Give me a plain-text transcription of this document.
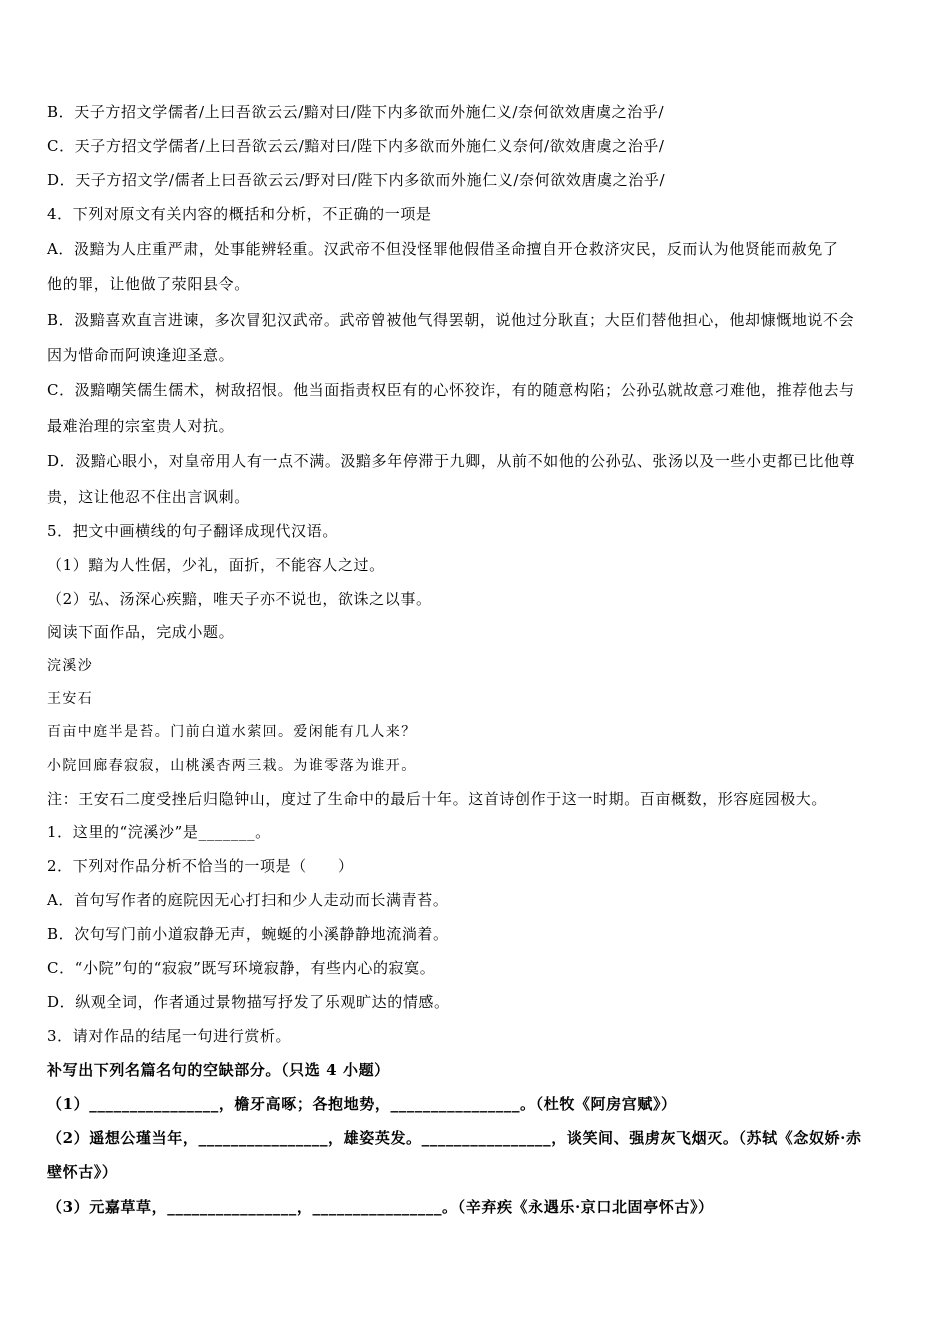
B．天子方招文学儒者/上曰吾欲云云/黯对曰/陛下内多欲而外施仁义/奈何欲效唐虞之治乎/
C．天子方招文学儒者/上曰吾欲云云/黯对曰/陛下内多欲而外施仁义奈何/欲效唐虞之治乎/
D．天子方招文学/儒者上曰吾欲云云/野对曰/陛下内多欲而外施仁义/奈何欲效唐虞之治乎/
4．下列对原文有关内容的概括和分析，不正确的一项是
A．汲黯为人庄重严肃，处事能辨轻重。汉武帝不但没怪罪他假借圣命擅自开仓救济灾民，反而认为他贤能而赦免了
他的罪，让他做了荥阳县令。
B．汲黯喜欢直言进谏，多次冒犯汉武帝。武帝曾被他气得罢朝，说他过分耿直；大臣们替他担心，他却慷慨地说不会
因为惜命而阿谀逢迎圣意。
C．汲黯嘲笑儒生儒术，树敌招恨。他当面指责权臣有的心怀狡诈，有的随意构陷；公孙弘就故意刁难他，推荐他去与
最难治理的宗室贵人对抗。
D．汲黯心眼小，对皇帝用人有一点不满。汲黯多年停滞于九卿，从前不如他的公孙弘、张汤以及一些小吏都已比他尊
贵，这让他忍不住出言讽刺。
5．把文中画横线的句子翻译成现代汉语。
（1）黯为人性倨，少礼，面折，不能容人之过。
（2）弘、汤深心疾黯，唯天子亦不说也，欲诛之以事。
阅读下面作品，完成小题。
浣溪沙
王安石
百亩中庭半是苔。门前白道水萦回。爱闲能有几人来？
小院回廊春寂寂，山桃溪杏两三栽。为谁零落为谁开。
注：王安石二度受挫后归隐钟山，度过了生命中的最后十年。这首诗创作于这一时期。百亩概数，形容庭园极大。
1．这里的“浣溪沙”是_______。
2．下列对作品分析不恰当的一项是（　　）
A．首句写作者的庭院因无心打扫和少人走动而长满青苔。
B．次句写门前小道寂静无声，蜿蜒的小溪静静地流淌着。
C．“小院”句的“寂寂”既写环境寂静，有些内心的寂寞。
D．纵观全词，作者通过景物描写抒发了乐观旷达的情感。
3．请对作品的结尾一句进行赏析。
补写出下列名篇名句的空缺部分。（只选 4 小题）
（1）________________，檐牙高啄；各抱地势，________________。（杜牧《阿房宫赋》）
（2）遥想公瑾当年，________________，雄姿英发。________________，谈笑间、强虏灰飞烟灭。（苏轼《念奴娇·赤
壁怀古》）
（3）元嘉草草，________________，________________。（辛弃疾《永遇乐·京口北固亭怀古》）
